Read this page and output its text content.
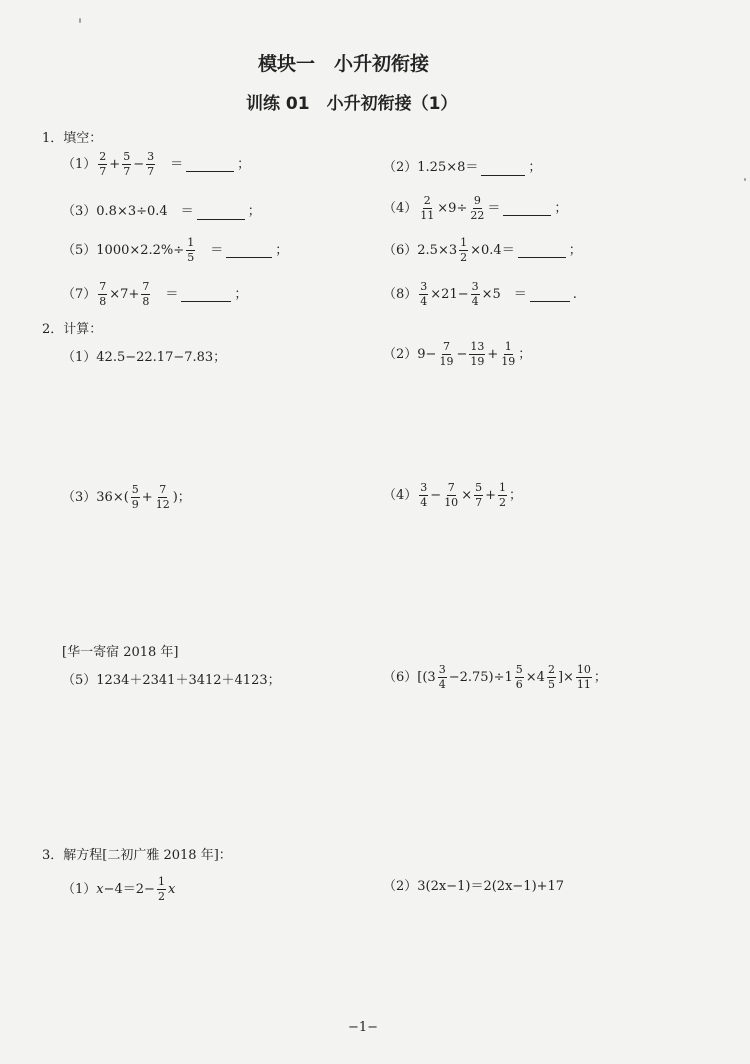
模块一　小升初衔接
训练 01　小升初衔接（1）
1．填空：
$(1) \frac{2}{7} + \frac{5}{7} - \frac{3}{7}$ 　＝	；	（2） 1.25×8＝	；
（3） 0.8×3÷0.4　＝	；	$(4) \frac{2}{11} \times 9\div \frac{9}{22}$ ＝	；
（5） $1000\times 2.2\%\div \frac{1}{5}$ 　＝	；	（6） $2.5\times 3 \frac{1}{2} \times 0.4=$	；
$(7) \frac{7}{8} \times 7+ \frac{7}{8}$ 　＝	；	$(8) \frac{3}{4} \times 21- \frac{3}{4} \times 5$　＝	.
2．计算：
（1） 42.5−22.17−7.83；	（2） $9- \frac{7}{19} - \frac{13}{19} + \frac{1}{19}$ ；
（3） $36\times( \frac{5}{9} + \frac{7}{12}$ )；	$(4) \frac{3}{4} - \frac{7}{10} \times \frac{5}{7} + \frac{1}{2}$ ；
[华一寄宿 2018 年]
（5） 1234＋2341＋3412＋4123；	（6） [$(3 \frac{3}{4} -2.75)\div 1 \frac{5}{6} \times 4 \frac{2}{5}$ ]× $\frac{10}{11}$ ；
3．解方程[二初广雅 2018 年]：
（1） $x -4=2- \frac{1}{2}$ x	（2） 3(2x−1)＝2(2x−1)+17
−1−
